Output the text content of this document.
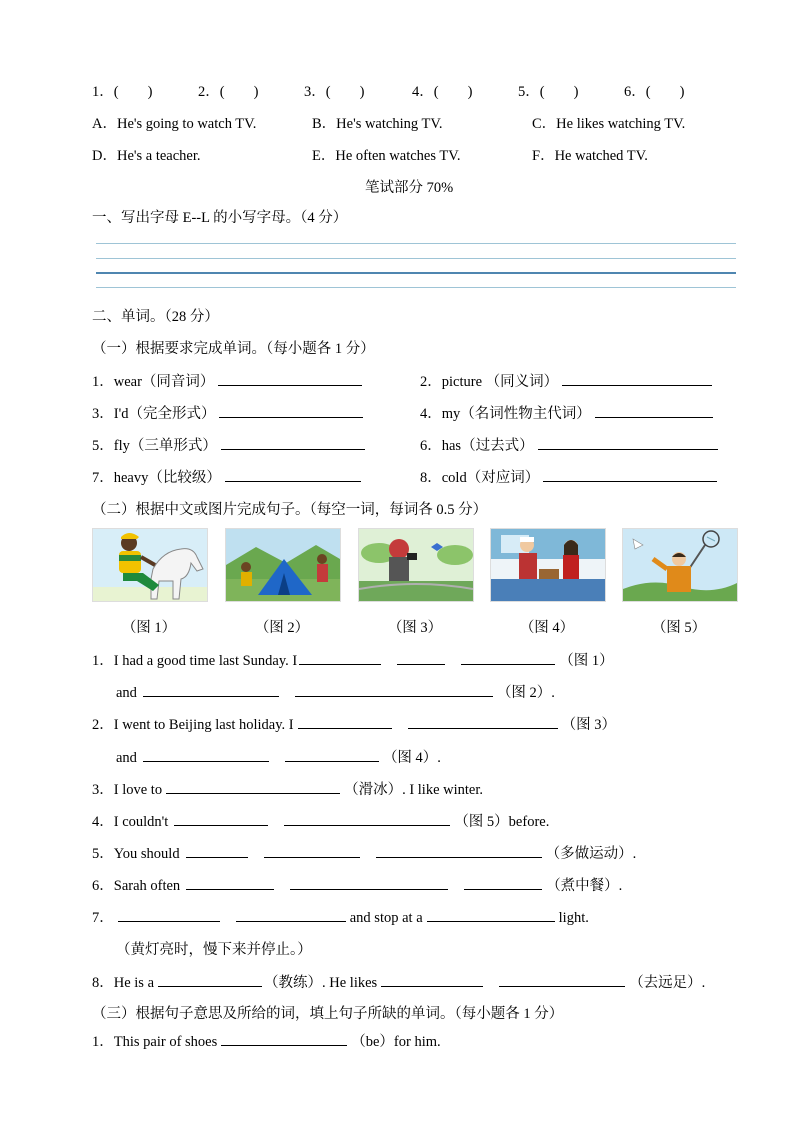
1．(　　)	2．(　　)	3．(　　)	4．(　　)	5．(　　)	6．(　　)
A．He's going to watch TV.	B．He's watching TV.	C．He likes watching TV.
D．He's a teacher.	E．He often watches TV.	F．He watched TV.
笔试部分 70%
一、写出字母 E--L 的小写字母。（4 分）
二、单词。（28 分）
（一）根据要求完成单词。（每小题各 1 分）
1．wear（同音词）	2．picture （同义词）
3．I'd（完全形式）	4．my（名词性物主代词）
5．fly（三单形式）	6．has（过去式）
7．heavy（比较级）	8．cold（对应词）
（二）根据中文或图片完成句子。（每空一词，每词各 0.5 分）
（图 1）	（图 2）	（图 3）	（图 4）	（图 5）
1．I had a good time last Sunday. I	（图 1）
and	（图 2）.
2．I went to Beijing last holiday. I	（图 3）
and	（图 4）.
3．I love to	（滑冰）. I like winter.
4．I couldn't	（图 5）before.
5．You should	（多做运动）.
6．Sarah often	（煮中餐）.
7．	and stop at a	light.
（黄灯亮时，慢下来并停止。）
8．He is a	（教练）. He likes	（去远足）.
（三）根据句子意思及所给的词，填上句子所缺的单词。（每小题各 1 分）
1．This pair of shoes	（be）for him.
